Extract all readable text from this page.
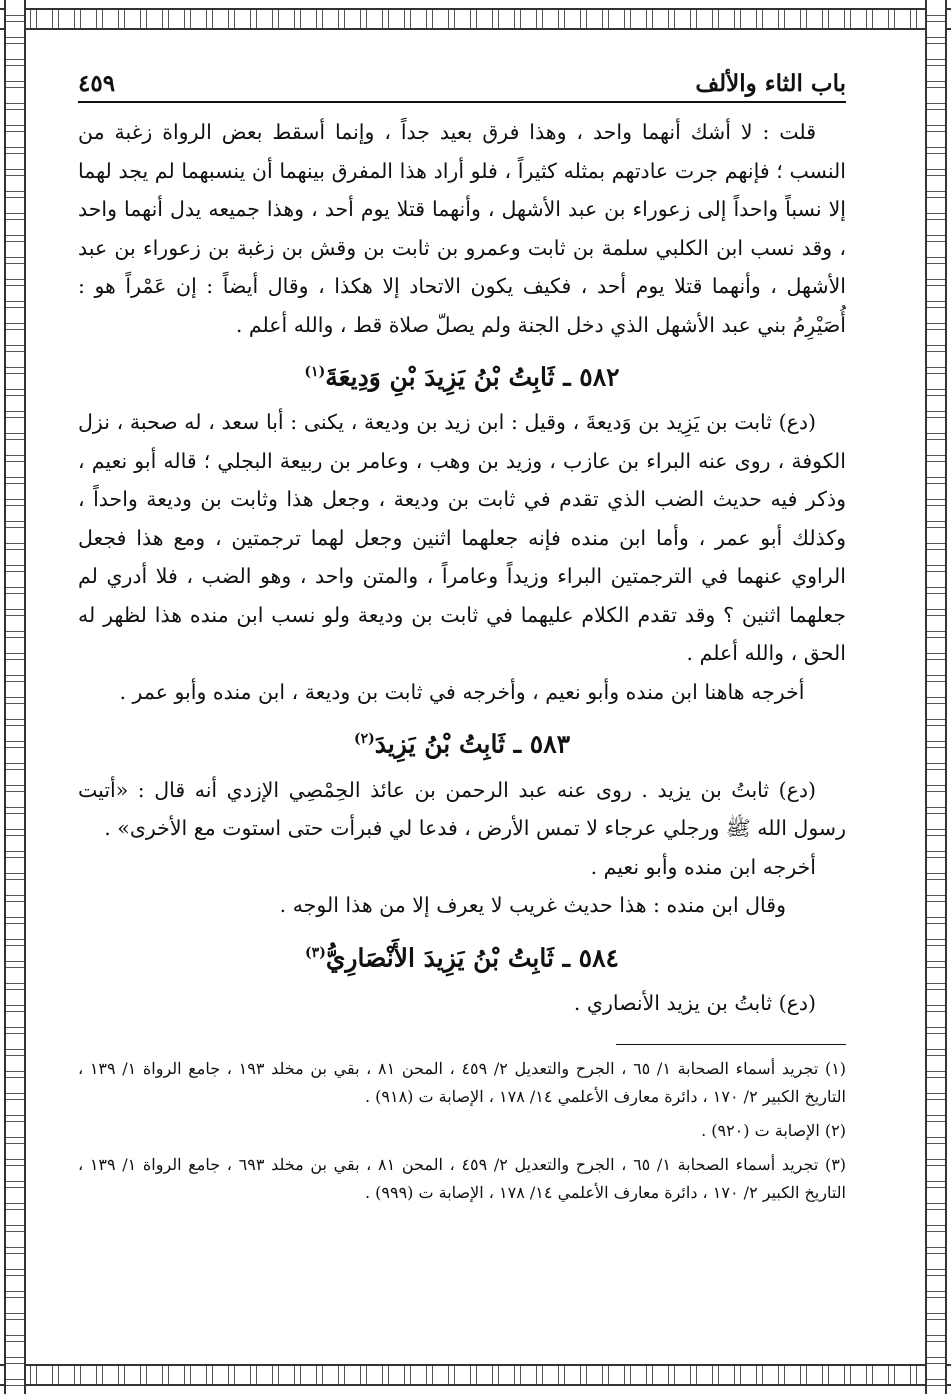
باب الثاء والألف
٤٥٩

قلت : لا أشك أنهما واحد ، وهذا فرق بعيد جداً ، وإنما أسقط بعض الرواة زغبة من النسب ؛ فإنهم جرت عادتهم بمثله كثيراً ، فلو أراد هذا المفرق بينهما أن ينسبهما لم يجد لهما إلا نسباً واحداً إلى زعوراء بن عبد الأشهل ، وأنهما قتلا يوم أحد ، وهذا جميعه يدل أنهما واحد ، وقد نسب ابن الكلبي سلمة بن ثابت وعمرو بن ثابت بن وقش بن زغبة بن زعوراء بن عبد الأشهل ، وأنهما قتلا يوم أحد ، فكيف يكون الاتحاد إلا هكذا ، وقال أيضاً : إن عَمْراً هو : أُصَيْرِمُ بني عبد الأشهل الذي دخل الجنة ولم يصلّ صلاة قط ، والله أعلم .

٥٨٢ ـ ثَابِتُ بْنُ يَزِيدَ بْنِ وَدِيعَةَ$^{(١)}$

(دع) ثابت بن يَزِيد بن وَديعةَ ، وقيل : ابن زيد بن وديعة ، يكنى : أبا سعد ، له صحبة ، نزل الكوفة ، روى عنه البراء بن عازب ، وزيد بن وهب ، وعامر بن ربيعة البجلي ؛ قاله أبو نعيم ، وذكر فيه حديث الضب الذي تقدم في ثابت بن وديعة ، وجعل هذا وثابت بن وديعة واحداً ، وكذلك أبو عمر ، وأما ابن منده فإنه جعلهما اثنين وجعل لهما ترجمتين ، ومع هذا فجعل الراوي عنهما في الترجمتين البراء وزيداً وعامراً ، والمتن واحد ، وهو الضب ، فلا أدري لم جعلهما اثنين ؟ وقد تقدم الكلام عليهما في ثابت بن وديعة ولو نسب ابن منده هذا لظهر له الحق ، والله أعلم .

أخرجه هاهنا ابن منده وأبو نعيم ، وأخرجه في ثابت بن وديعة ، ابن منده وأبو عمر .

٥٨٣ ـ ثَابِتُ بْنُ يَزِيدَ$^{(٢)}$

(دع) ثابتُ بن يزيد . روى عنه عبد الرحمن بن عائذ الحِمْصِي الإزدي أنه قال : «أتيت رسول الله ﷺ ورجلي عرجاء لا تمس الأرض ، فدعا لي فبرأت حتى استوت مع الأخرى» .

أخرجه ابن منده وأبو نعيم .

وقال ابن منده : هذا حديث غريب لا يعرف إلا من هذا الوجه .

٥٨٤ ـ ثَابِتُ بْنُ يَزِيدَ الأَنْصَارِيُّ$^{(٣)}$

(دع) ثابتُ بن يزيد الأنصاري .

(١) تجريد أسماء الصحابة ١/ ٦٥ ، الجرح والتعديل ٢/ ٤٥٩ ، المحن ٨١ ، بقي بن مخلد ١٩٣ ، جامع الرواة ١/ ١٣٩ ، التاريخ الكبير ٢/ ١٧٠ ، دائرة معارف الأعلمي ١٤/ ١٧٨ ، الإصابة ت (٩١٨) .

(٢) الإصابة ت (٩٢٠) .

(٣) تجريد أسماء الصحابة ١/ ٦٥ ، الجرح والتعديل ٢/ ٤٥٩ ، المحن ٨١ ، بقي بن مخلد ٦٩٣ ، جامع الرواة ١/ ١٣٩ ، التاريخ الكبير ٢/ ١٧٠ ، دائرة معارف الأعلمي ١٤/ ١٧٨ ، الإصابة ت (٩٩٩) .
